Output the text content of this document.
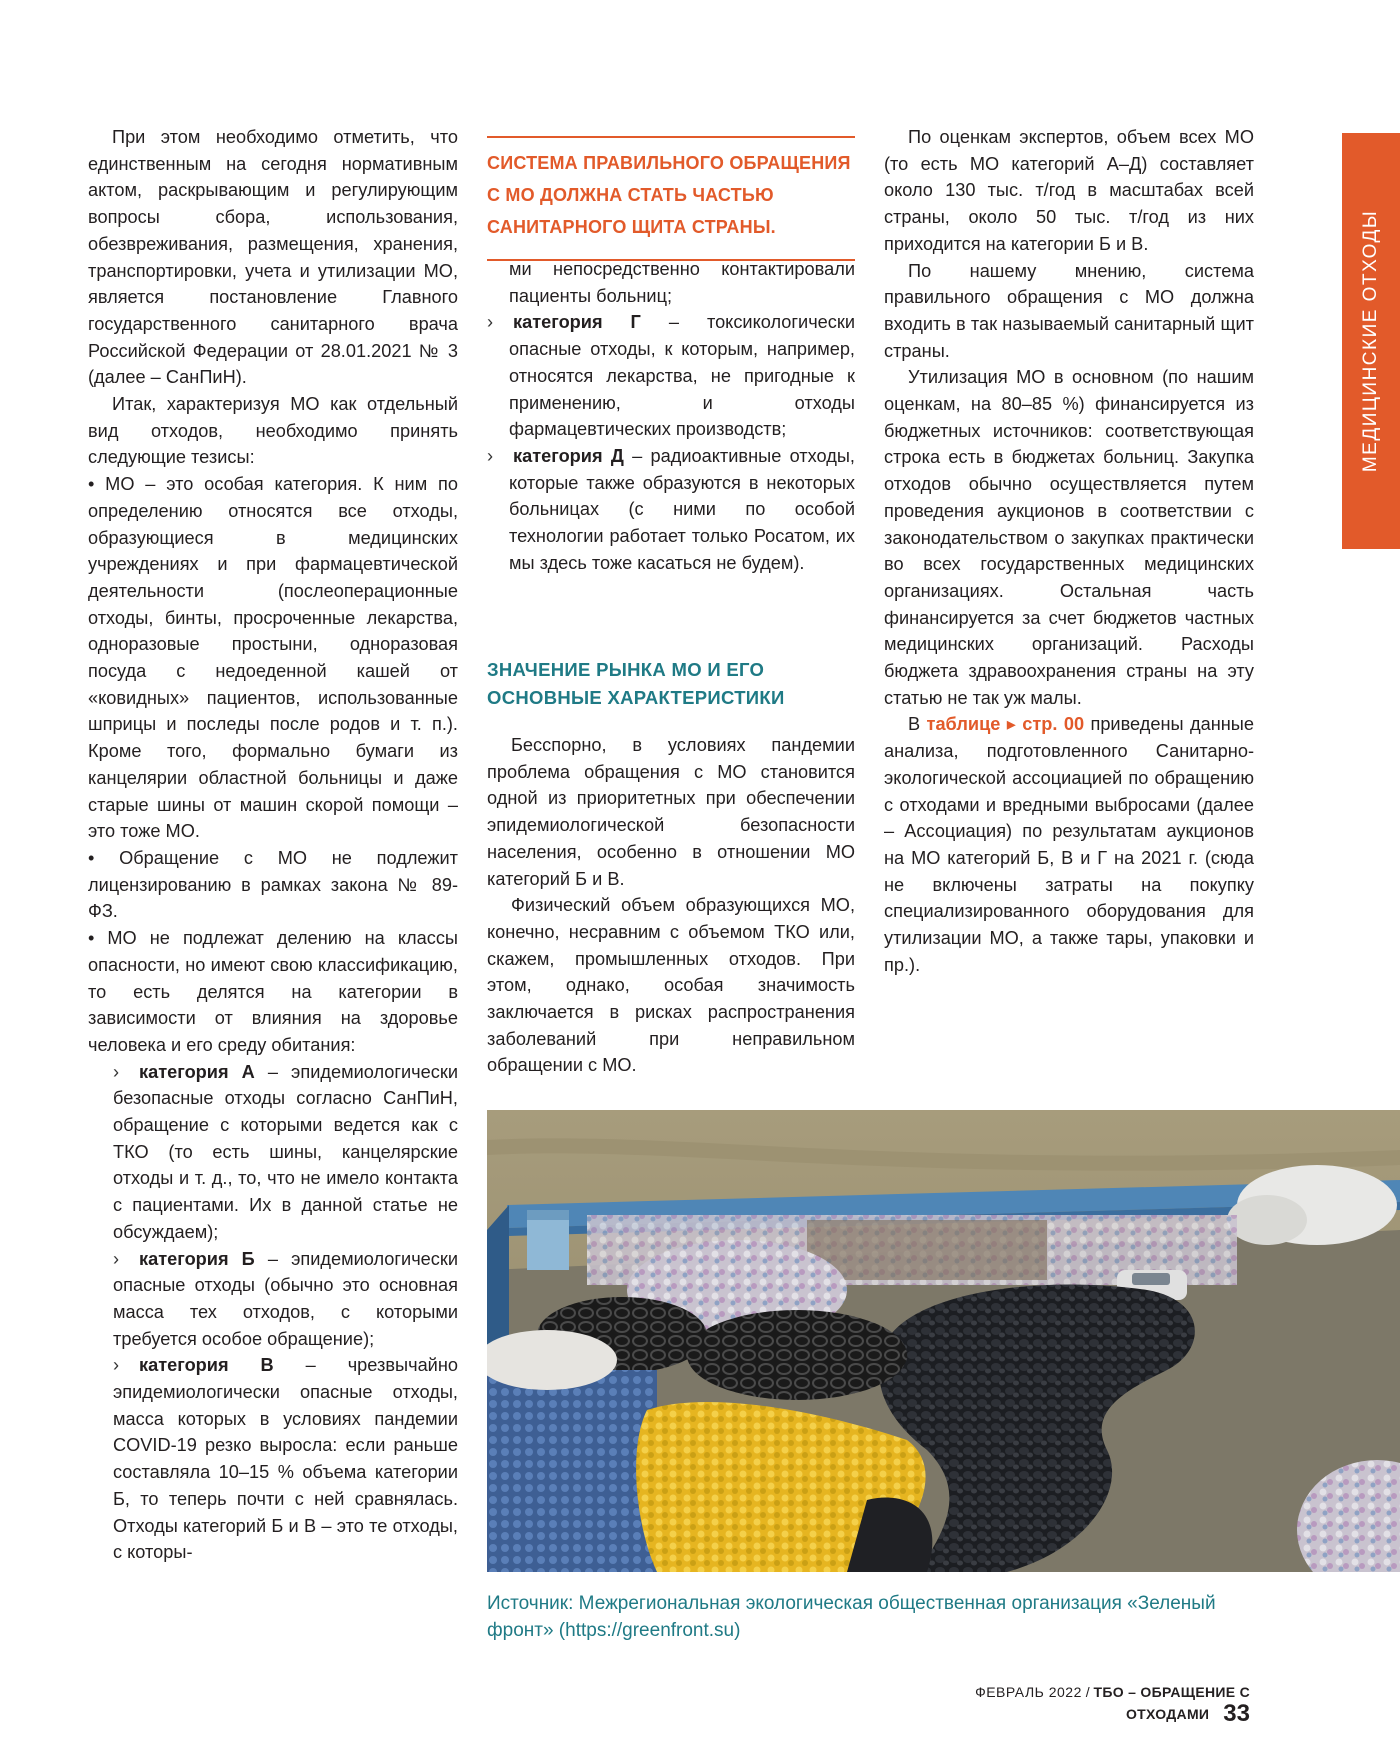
МЕДИЦИНСКИЕ ОТХОДЫ

При этом необходимо отметить, что единственным на сегодня нормативным актом, раскрывающим и регулирующим вопросы сбора, использования, обезвреживания, размещения, хранения, транспортировки, учета и утилизации МО, является постановление Главного государственного санитарного врача Российской Федерации от 28.01.2021 № 3 (далее – СанПиН).

Итак, характеризуя МО как отдельный вид отходов, необходимо принять следующие тезисы:

• МО – это особая категория. К ним по определению относятся все отходы, образующиеся в медицинских учреждениях и при фармацевтической деятельности (послеоперационные отходы, бинты, просроченные лекарства, одноразовые простыни, одноразовая посуда с недоеденной кашей от «ковидных» пациентов, использованные шприцы и последы после родов и т. п.). Кроме того, формально бумаги из канцелярии областной больницы и даже старые шины от машин скорой помощи – это тоже МО.

• Обращение с МО не подлежит лицензированию в рамках закона № 89-ФЗ.

• МО не подлежат делению на классы опасности, но имеют свою классификацию, то есть делятся на категории в зависимости от влияния на здоровье человека и его среду обитания:

› категория А – эпидемиологически безопасные отходы согласно СанПиН, обращение с которыми ведется как с ТКО (то есть шины, канцелярские отходы и т. д., то, что не имело контакта с пациентами. Их в данной статье не обсуждаем);

› категория Б – эпидемиологически опасные отходы (обычно это основная масса тех отходов, с которыми требуется особое обращение);

› категория В – чрезвычайно эпидемиологически опасные отходы, масса которых в условиях пандемии COVID-19 резко выросла: если раньше составляла 10–15 % объема категории Б, то теперь почти с ней сравнялась. Отходы категорий Б и В – это те отходы, с которы-

СИСТЕМА ПРАВИЛЬНОГО ОБРАЩЕНИЯ С МО ДОЛЖНА СТАТЬ ЧАСТЬЮ САНИТАРНОГО ЩИТА СТРАНЫ.

ми непосредственно контактировали пациенты больниц;

› категория Г – токсикологически опасные отходы, к которым, например, относятся лекарства, не пригодные к применению, и отходы фармацевтических производств;

› категория Д – радиоактивные отходы, которые также образуются в некоторых больницах (с ними по особой технологии работает только Росатом, их мы здесь тоже касаться не будем).

ЗНАЧЕНИЕ РЫНКА МО И ЕГО ОСНОВНЫЕ ХАРАКТЕРИСТИКИ

Бесспорно, в условиях пандемии проблема обращения с МО становится одной из приоритетных при обеспечении эпидемиологической безопасности населения, особенно в отношении МО категорий Б и В.

Физический объем образующихся МО, конечно, несравним с объемом ТКО или, скажем, промышленных отходов. При этом, однако, особая значимость заключается в рисках распространения заболеваний при неправильном обращении с МО.

По оценкам экспертов, объем всех МО (то есть МО категорий А–Д) составляет около 130 тыс. т/год в масштабах всей страны, около 50 тыс. т/год из них приходится на категории Б и В.

По нашему мнению, система правильного обращения с МО должна входить в так называемый санитарный щит страны.

Утилизация МО в основном (по нашим оценкам, на 80–85 %) финансируется из бюджетных источников: соответствующая строка есть в бюджетах больниц. Закупка отходов обычно осуществляется путем проведения аукционов в соответствии с законодательством о закупках практически во всех государственных медицинских организациях. Остальная часть финансируется за счет бюджетов частных медицинских организаций. Расходы бюджета здравоохранения страны на эту статью не так уж малы.

В таблице ▸ стр. 00 приведены данные анализа, подготовленного Санитарно-экологической ассоциацией по обращению с отходами и вредными выбросами (далее – Ассоциация) по результатам аукционов на МО категорий Б, В и Г на 2021 г. (сюда не включены затраты на покупку специализированного оборудования для утилизации МО, а также тары, упаковки и пр.).

Источник: Межрегиональная экологическая общественная организация «Зеленый фронт» (https://greenfront.su)
ФЕВРАЛЬ 2022 / ТБО – ОБРАЩЕНИЕ С ОТХОДАМИ 33
